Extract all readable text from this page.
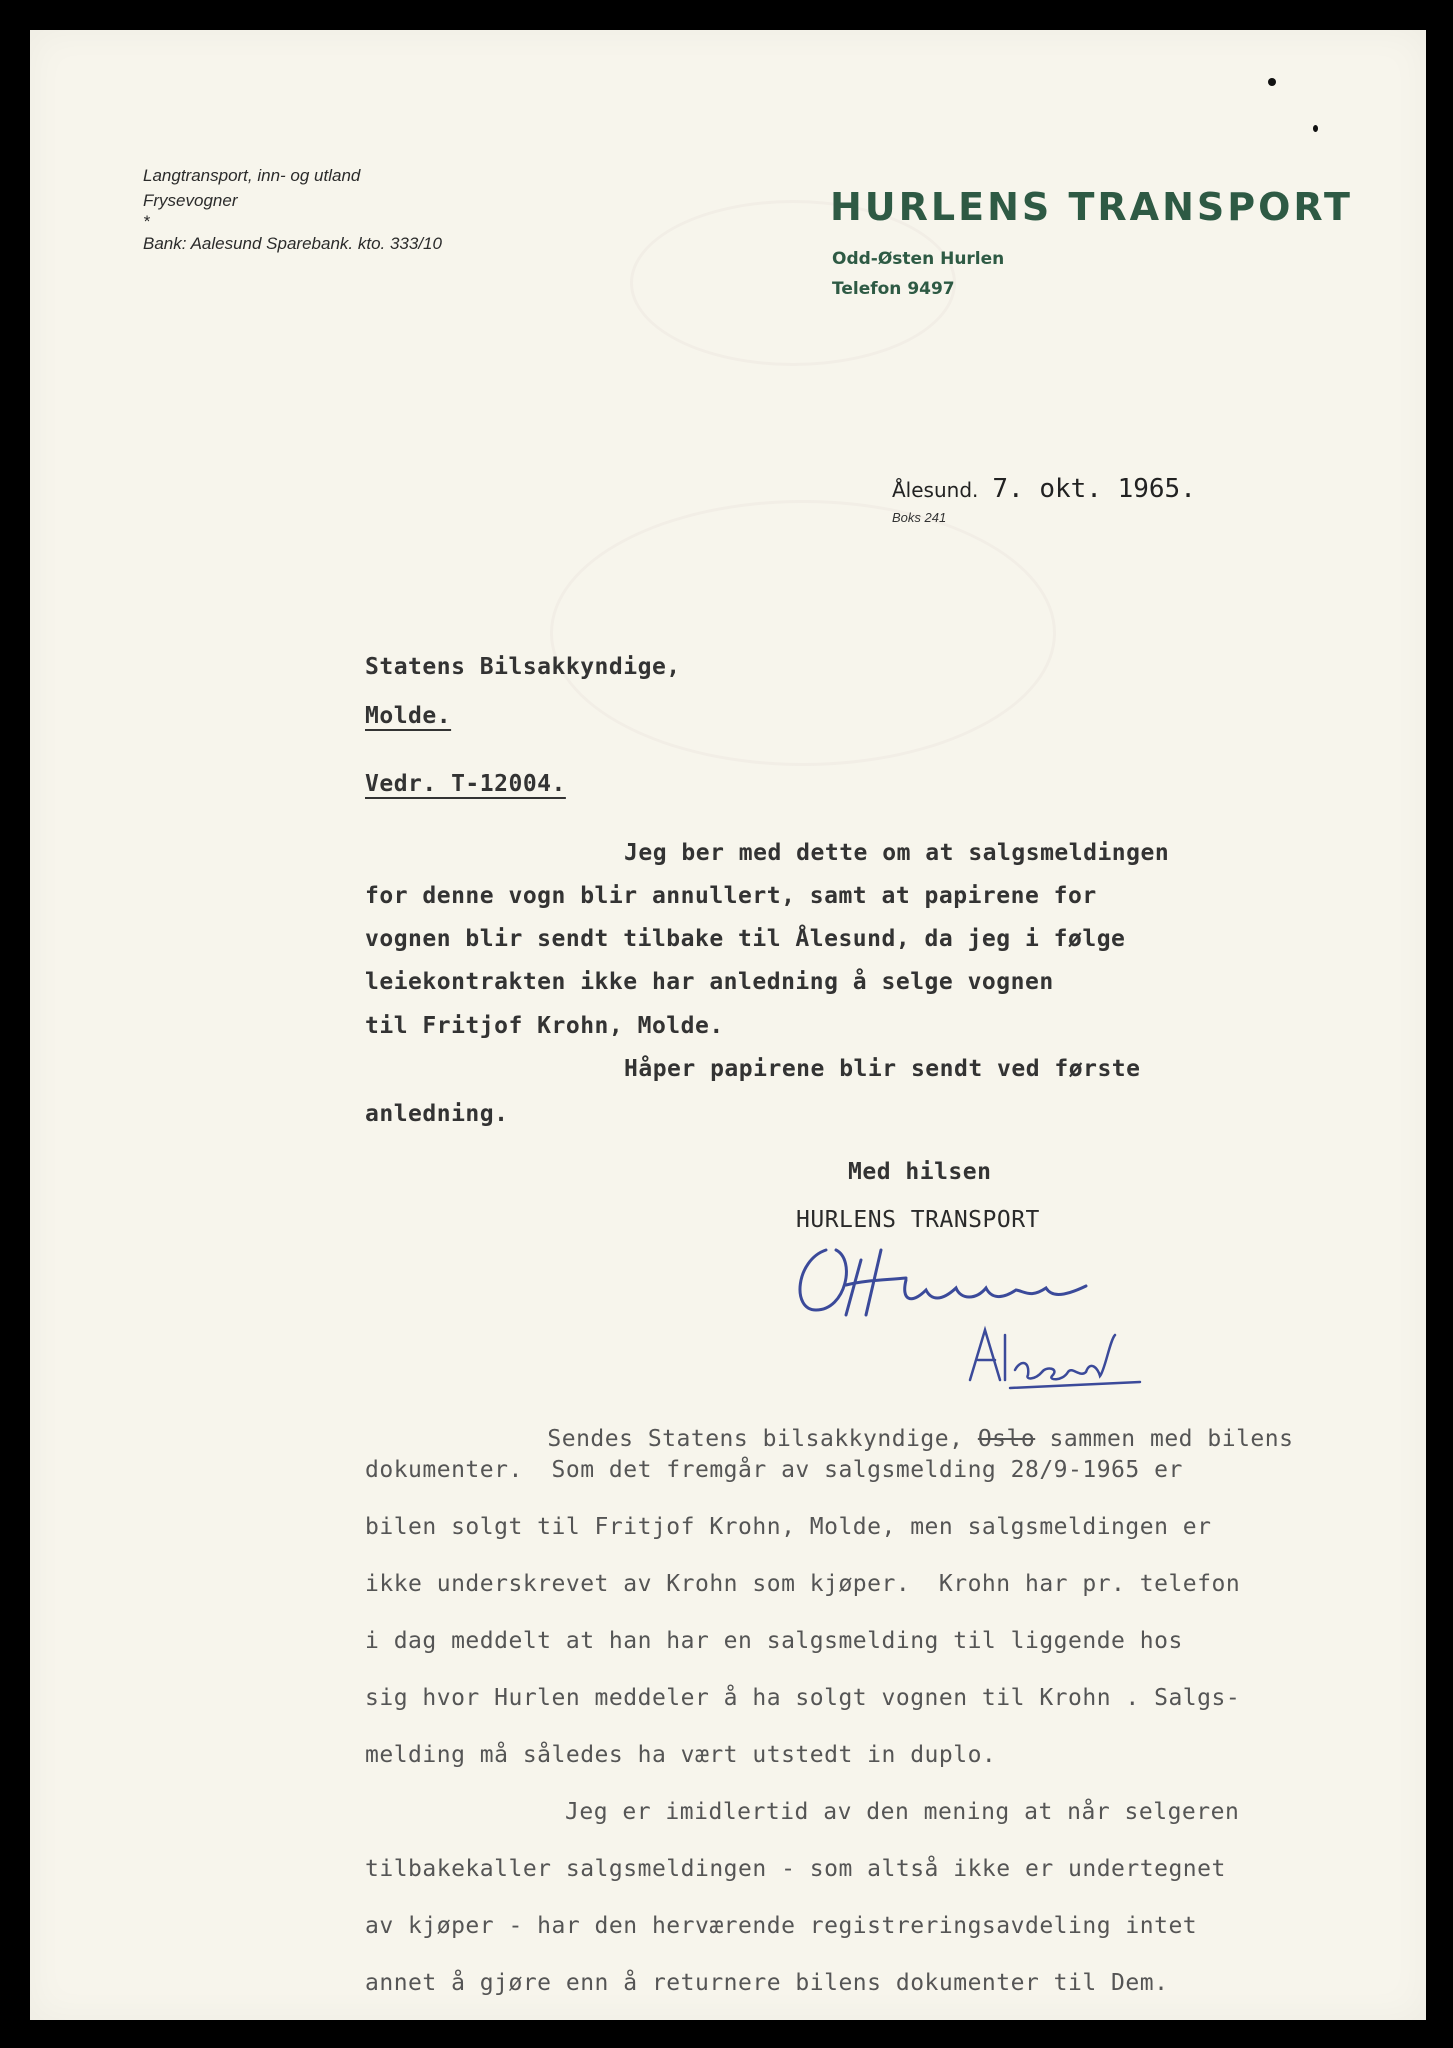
Langtransport, inn- og utland
Frysevogner
*
Bank: Aalesund Sparebank. kto. 333/10
HURLENS TRANSPORT
Odd-Østen Hurlen
Telefon 9497
Ålesund. 7. okt. 1965.
Boks 241
Statens Bilsakkyndige,
Molde.
Vedr. T-12004.
Jeg ber med dette om at salgsmeldingen
for denne vogn blir annullert, samt at papirene for
vognen blir sendt tilbake til Ålesund, da jeg i følge
leiekontrakten ikke har anledning å selge vognen
til Fritjof Krohn, Molde.
Håper papirene blir sendt ved første
anledning.
Med hilsen
HURLENS TRANSPORT

Sendes Statens bilsakkyndige, Oslo sammen med bilens

dokumenter.  Som det fremgår av salgsmelding 28/9-1965 er
bilen solgt til Fritjof Krohn, Molde, men salgsmeldingen er
ikke underskrevet av Krohn som kjøper.  Krohn har pr. telefon
i dag meddelt at han har en salgsmelding til liggende hos
sig hvor Hurlen meddeler å ha solgt vognen til Krohn . Salgs-
melding må således ha vært utstedt in duplo.
Jeg er imidlertid av den mening at når selgeren
tilbakekaller salgsmeldingen - som altså ikke er undertegnet
av kjøper - har den herværende registreringsavdeling intet
annet å gjøre enn å returnere bilens dokumenter til Dem.
